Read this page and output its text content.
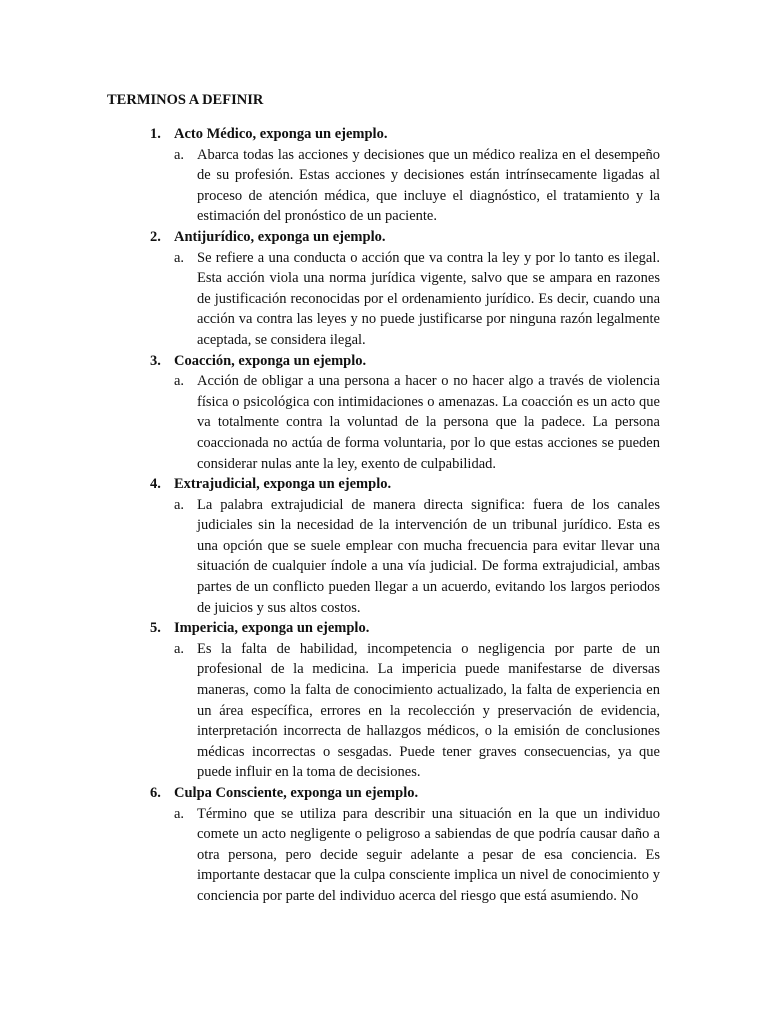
TERMINOS A DEFINIR
1. Acto Médico, exponga un ejemplo.
a. Abarca todas las acciones y decisiones que un médico realiza en el desempeño de su profesión. Estas acciones y decisiones están intrínsecamente ligadas al proceso de atención médica, que incluye el diagnóstico, el tratamiento y la estimación del pronóstico de un paciente.
2. Antijurídico, exponga un ejemplo.
a. Se refiere a una conducta o acción que va contra la ley y por lo tanto es ilegal. Esta acción viola una norma jurídica vigente, salvo que se ampara en razones de justificación reconocidas por el ordenamiento jurídico. Es decir, cuando una acción va contra las leyes y no puede justificarse por ninguna razón legalmente aceptada, se considera ilegal.
3. Coacción, exponga un ejemplo.
a. Acción de obligar a una persona a hacer o no hacer algo a través de violencia física o psicológica con intimidaciones o amenazas. La coacción es un acto que va totalmente contra la voluntad de la persona que la padece. La persona coaccionada no actúa de forma voluntaria, por lo que estas acciones se pueden considerar nulas ante la ley, exento de culpabilidad.
4. Extrajudicial, exponga un ejemplo.
a. La palabra extrajudicial de manera directa significa: fuera de los canales judiciales sin la necesidad de la intervención de un tribunal jurídico. Esta es una opción que se suele emplear con mucha frecuencia para evitar llevar una situación de cualquier índole a una vía judicial. De forma extrajudicial, ambas partes de un conflicto pueden llegar a un acuerdo, evitando los largos periodos de juicios y sus altos costos.
5. Impericia, exponga un ejemplo.
a. Es la falta de habilidad, incompetencia o negligencia por parte de un profesional de la medicina. La impericia puede manifestarse de diversas maneras, como la falta de conocimiento actualizado, la falta de experiencia en un área específica, errores en la recolección y preservación de evidencia, interpretación incorrecta de hallazgos médicos, o la emisión de conclusiones médicas incorrectas o sesgadas. Puede tener graves consecuencias, ya que puede influir en la toma de decisiones.
6. Culpa Consciente, exponga un ejemplo.
a. Término que se utiliza para describir una situación en la que un individuo comete un acto negligente o peligroso a sabiendas de que podría causar daño a otra persona, pero decide seguir adelante a pesar de esa conciencia. Es importante destacar que la culpa consciente implica un nivel de conocimiento y conciencia por parte del individuo acerca del riesgo que está asumiendo. No
